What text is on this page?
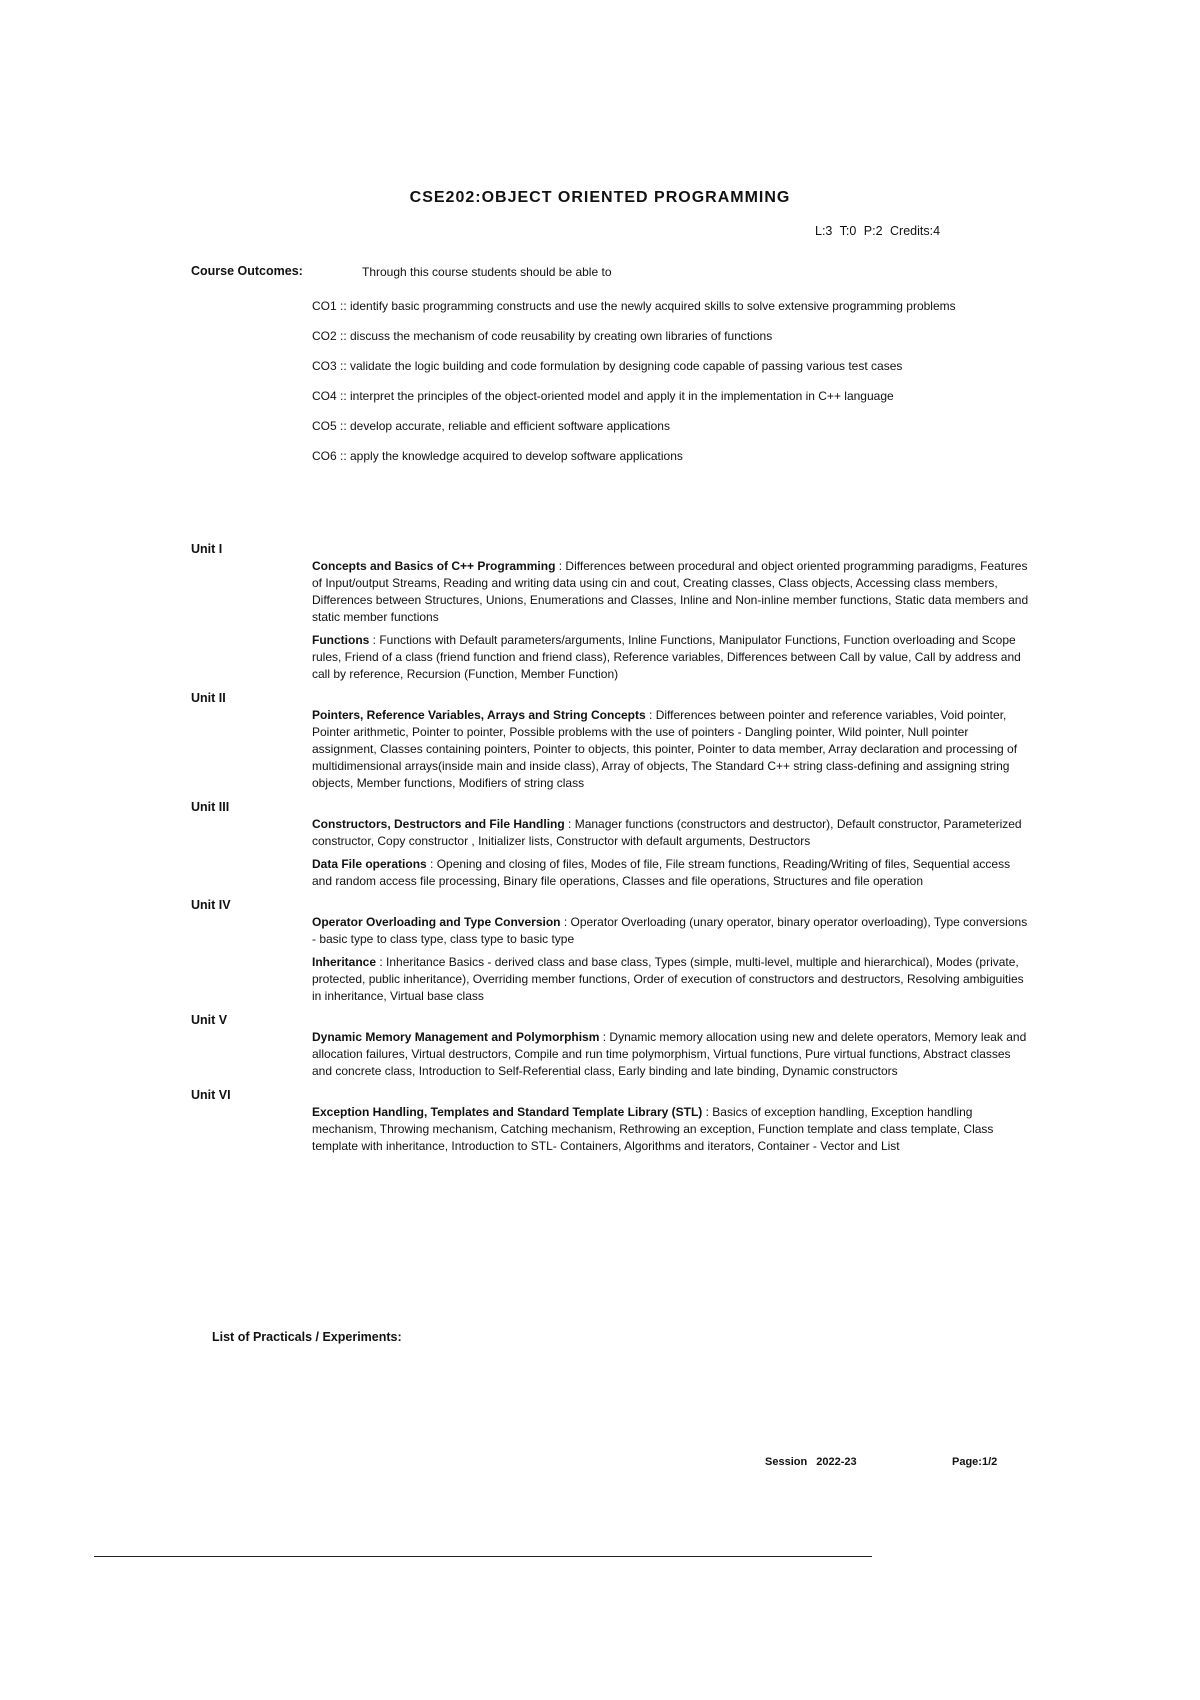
CSE202:OBJECT ORIENTED PROGRAMMING
L:3 T:0 P:2 Credits:4
Course Outcomes:	Through this course students should be able to

CO1 :: identify basic programming constructs and use the newly acquired skills to solve extensive programming problems

CO2 :: discuss the mechanism of code reusability by creating own libraries of functions

CO3 :: validate the logic building and code formulation by designing code capable of passing various test cases

CO4 :: interpret the principles of the object-oriented model and apply it in the implementation in C++ language

CO5 :: develop accurate, reliable and efficient software applications

CO6 :: apply the knowledge acquired to develop software applications

Unit I
Concepts and Basics of C++ Programming : Differences between procedural and object oriented programming paradigms, Features of Input/output Streams, Reading and writing data using cin and cout, Creating classes, Class objects, Accessing class members, Differences between Structures, Unions, Enumerations and Classes, Inline and Non-inline member functions, Static data members and static member functions
Functions : Functions with Default parameters/arguments, Inline Functions, Manipulator Functions, Function overloading and Scope rules, Friend of a class (friend function and friend class), Reference variables, Differences between Call by value, Call by address and call by reference, Recursion (Function, Member Function)
Unit II
Pointers, Reference Variables, Arrays and String Concepts : Differences between pointer and reference variables, Void pointer, Pointer arithmetic, Pointer to pointer, Possible problems with the use of pointers - Dangling pointer, Wild pointer, Null pointer assignment, Classes containing pointers, Pointer to objects, this pointer, Pointer to data member, Array declaration and processing of multidimensional arrays(inside main and inside class), Array of objects, The Standard C++ string class-defining and assigning string objects, Member functions, Modifiers of string class
Unit III
Constructors, Destructors and File Handling : Manager functions (constructors and destructor), Default constructor, Parameterized constructor, Copy constructor , Initializer lists, Constructor with default arguments, Destructors
Data File operations : Opening and closing of files, Modes of file, File stream functions, Reading/Writing of files, Sequential access and random access file processing, Binary file operations, Classes and file operations, Structures and file operation
Unit IV
Operator Overloading and Type Conversion : Operator Overloading (unary operator, binary operator overloading), Type conversions - basic type to class type, class type to basic type
Inheritance : Inheritance Basics - derived class and base class, Types (simple, multi-level, multiple and hierarchical), Modes (private, protected, public inheritance), Overriding member functions, Order of execution of constructors and destructors, Resolving ambiguities in inheritance, Virtual base class
Unit V
Dynamic Memory Management and Polymorphism : Dynamic memory allocation using new and delete operators, Memory leak and allocation failures, Virtual destructors, Compile and run time polymorphism, Virtual functions, Pure virtual functions, Abstract classes and concrete class, Introduction to Self-Referential class, Early binding and late binding, Dynamic constructors
Unit VI
Exception Handling, Templates and Standard Template Library (STL) : Basics of exception handling, Exception handling mechanism, Throwing mechanism, Catching mechanism, Rethrowing an exception, Function template and class template, Class template with inheritance, Introduction to STL- Containers, Algorithms and iterators, Container - Vector and List
List of Practicals / Experiments:
Session 2022-23	Page:1/2
